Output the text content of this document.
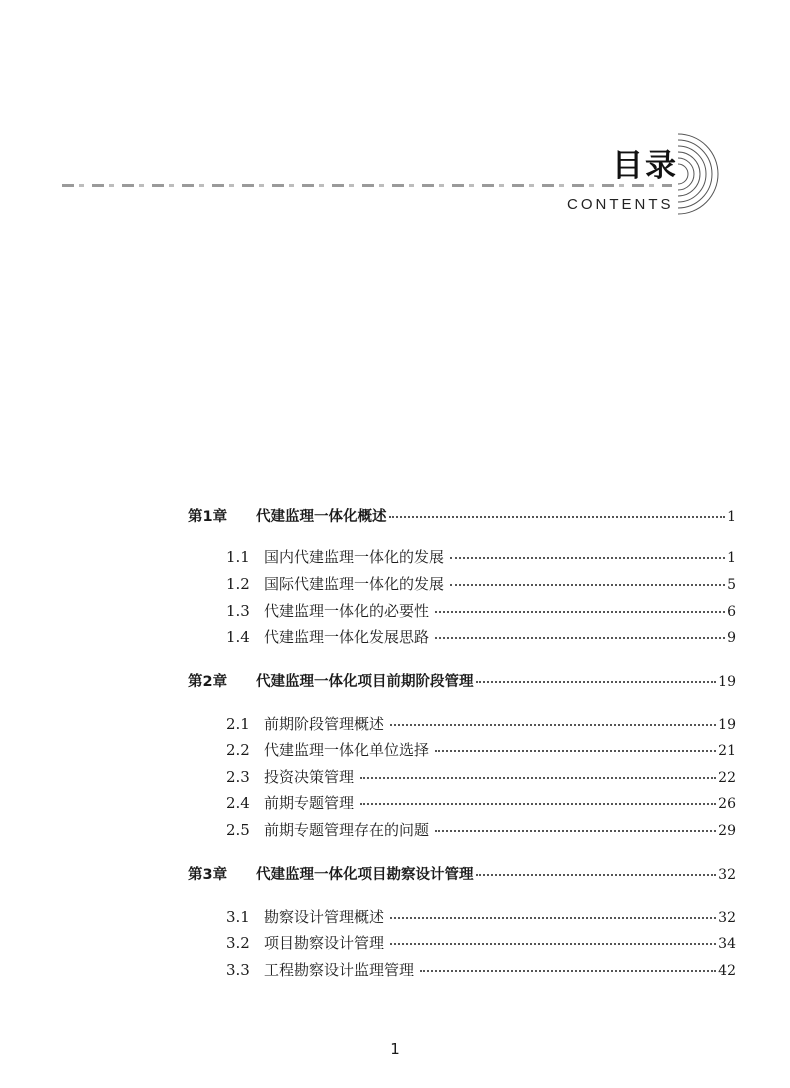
目录
CONTENTS
第1章	代建监理一体化概述	1
1.1 国内代建监理一体化的发展	1
1.2 国际代建监理一体化的发展	5
1.3 代建监理一体化的必要性	6
1.4 代建监理一体化发展思路	9
第2章	代建监理一体化项目前期阶段管理	19
2.1 前期阶段管理概述	19
2.2 代建监理一体化单位选择	21
2.3 投资决策管理	22
2.4 前期专题管理	26
2.5 前期专题管理存在的问题	29
第3章	代建监理一体化项目勘察设计管理	32
3.1 勘察设计管理概述	32
3.2 项目勘察设计管理	34
3.3 工程勘察设计监理管理	42
1
